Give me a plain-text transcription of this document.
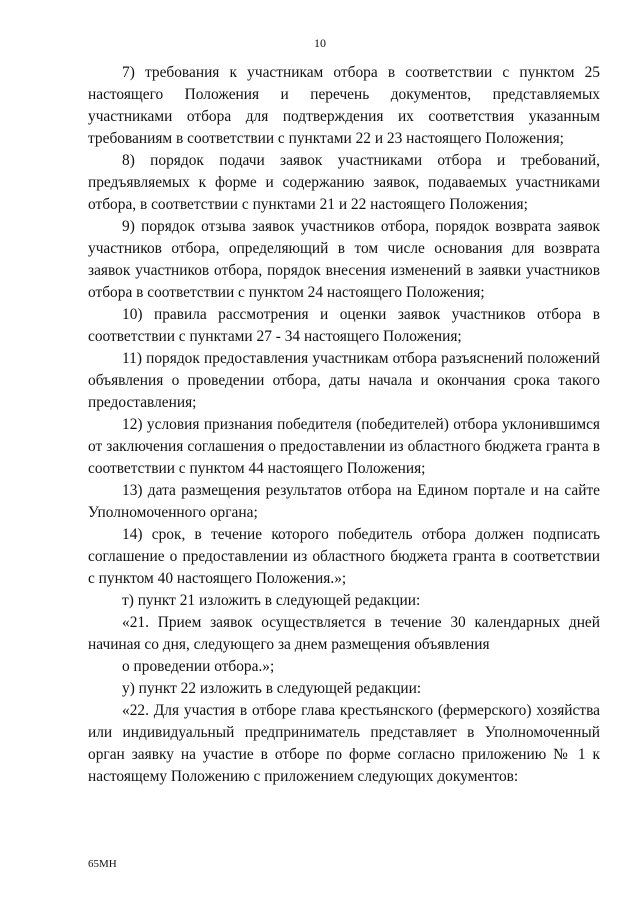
10

7) требования к участникам отбора в соответствии с пунктом 25 настоящего Положения и перечень документов, представляемых участниками отбора для подтверждения их соответствия указанным требованиям в соответствии с пунктами 22 и 23 настоящего Положения;

8) порядок подачи заявок участниками отбора и требований, предъявляемых к форме и содержанию заявок, подаваемых участниками отбора, в соответствии с пунктами 21 и 22 настоящего Положения;

9) порядок отзыва заявок участников отбора, порядок возврата заявок участников отбора, определяющий в том числе основания для возврата заявок участников отбора, порядок внесения изменений в заявки участников отбора в соответствии с пунктом 24 настоящего Положения;

10) правила рассмотрения и оценки заявок участников отбора в соответствии с пунктами 27 - 34 настоящего Положения;

11) порядок предоставления участникам отбора разъяснений положений объявления о проведении отбора, даты начала и окончания срока такого предоставления;

12) условия признания победителя (победителей) отбора уклонившимся от заключения соглашения о предоставлении из областного бюджета гранта в соответствии с пунктом 44 настоящего Положения;

13) дата размещения результатов отбора на Едином портале и на сайте Уполномоченного органа;

14) срок, в течение которого победитель отбора должен подписать соглашение о предоставлении из областного бюджета гранта в соответствии с пунктом 40 настоящего Положения.»;

т) пункт 21 изложить в следующей редакции:

«21. Прием заявок осуществляется в течение 30 календарных дней начиная со дня, следующего за днем размещения объявления

о проведении отбора.»;

у) пункт 22 изложить в следующей редакции:

«22. Для участия в отборе глава крестьянского (фермерского) хозяйства или индивидуальный предприниматель представляет в Уполномоченный орган заявку на участие в отборе по форме согласно приложению № 1 к настоящему Положению с приложением следующих документов:

65МН
